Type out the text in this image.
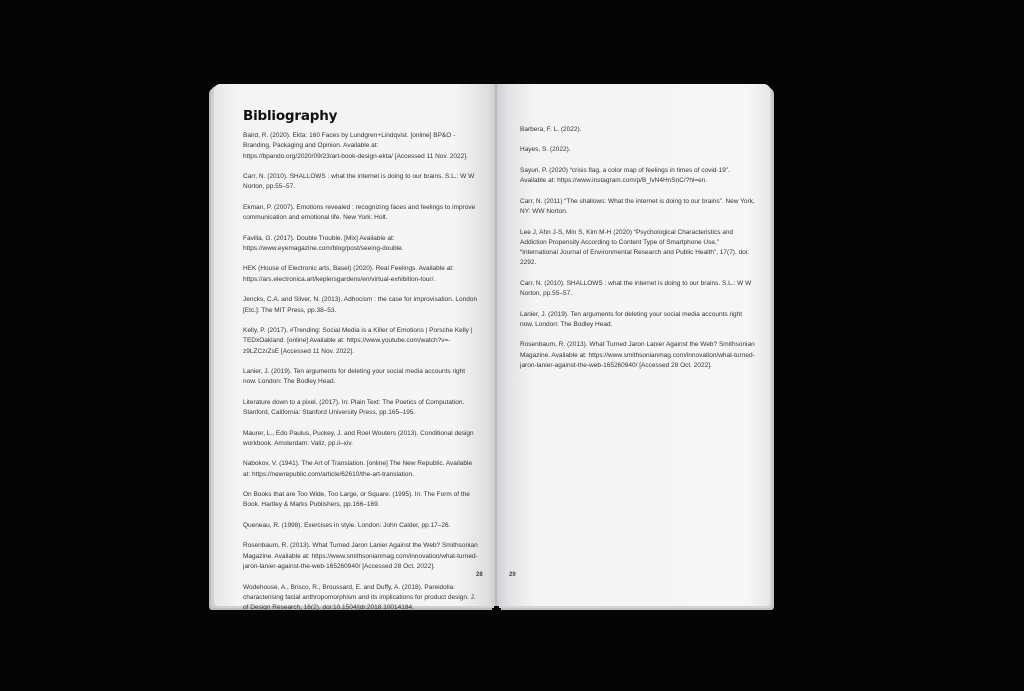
Bibliography
Baird, R. (2020). Ekta: 160 Faces by Lundgren+Lindqvist. [online] BP&O - Branding, Packaging and Opinion. Available at: https://bpando.org/2020/09/23/art-book-design-ekta/ [Accessed 11 Nov. 2022].
Carr, N. (2010). SHALLOWS : what the internet is doing to our brains. S.L.: W W Norton, pp.55–57.
Ekman, P. (2007). Emotions revealed : recognizing faces and feelings to improve communication and emotional life. New York: Holt.
Favilla, G. (2017). Double Trouble. [Mix] Available at: https://www.eyemagazine.com/blog/post/seeing-double.
HEK (House of Electronic arts, Basel) (2020). Real Feelings. Available at: https://ars.electronica.art/keplersgardens/en/virtual-exhibition-tour/.
Jencks, C.A. and Silver, N. (2013). Adhocism : the case for improvisation. London [Etc.]: The MIT Press, pp.38–53.
Kelly, P. (2017). #Trending: Social Media is a Killer of Emotions | Porsche Kelly | TEDxOakland. [online] Available at: https://www.youtube.com/watch?v=-z9LZCzrZsE [Accessed 11 Nov. 2022].
Lanier, J. (2019). Ten arguments for deleting your social media accounts right now. London: The Bodley Head.
Literature down to a pixel. (2017). In: Plain Text: The Poetics of Computation. Stanford, California: Stanford University Press, pp.165–195.
Maurer, L., Edo Paulus, Puckey, J. and Roel Wouters (2013). Conditional design workbook. Amsterdam: Valiz, pp.ii–xiv.
Nabokov, V. (1941). The Art of Translation. [online] The New Republic. Available at: https://newrepublic.com/article/62610/the-art-translation.
On Books that are Too Wide, Too Large, or Square. (1995). In: The Form of the Book. Hartley & Marks Publishers, pp.166–169.
Queneau, R. (1998). Exercises in style. London: John Calder, pp.17–26.
Rosenbaum, R. (2013). What Turned Jaron Lanier Against the Web? Smithsonian Magazine. Available at: https://www.smithsonianmag.com/innovation/what-turned-jaron-lanier-against-the-web-165260940/ [Accessed 28 Oct. 2022].
Wodehouse, A., Brisco, R., Broussard, E. and Duffy, A. (2018). Pareidolia: characterising facial anthropomorphism and its implications for product design. J. of Design Research, 16(2). doi:10.1504/jdr.2018.10014184.
28
Barbera, F. L. (2022).
Hayes, S. (2022).
Sayuri, P. (2020) “crisis flag, a color map of feelings in times of covid-19”. Available at: https://www.instagram.com/p/B_lvN4HnSnC/?hl=en.
Carr, N. (2011) “The shallows: What the internet is doing to our brains”. New York, NY: WW Norton.
Lee J, Ahn J-S, Min S, Kim M-H (2020) “Psychological Characteristics and Addiction Propensity According to Content Type of Smartphone Use,” “International Journal of Environmental Research and Public Health”, 17(7). doi: 2292.
Carr, N. (2010). SHALLOWS : what the internet is doing to our brains. S.L.: W W Norton, pp.55–57.
Lanier, J. (2019). Ten arguments for deleting your social media accounts right now. London: The Bodley Head.
Rosenbaum, R. (2013). What Turned Jaron Lanier Against the Web? Smithsonian Magazine. Available at: https://www.smithsonianmag.com/innovation/what-turned-jaron-lanier-against-the-web-165260940/ [Accessed 28 Oct. 2022].
29
